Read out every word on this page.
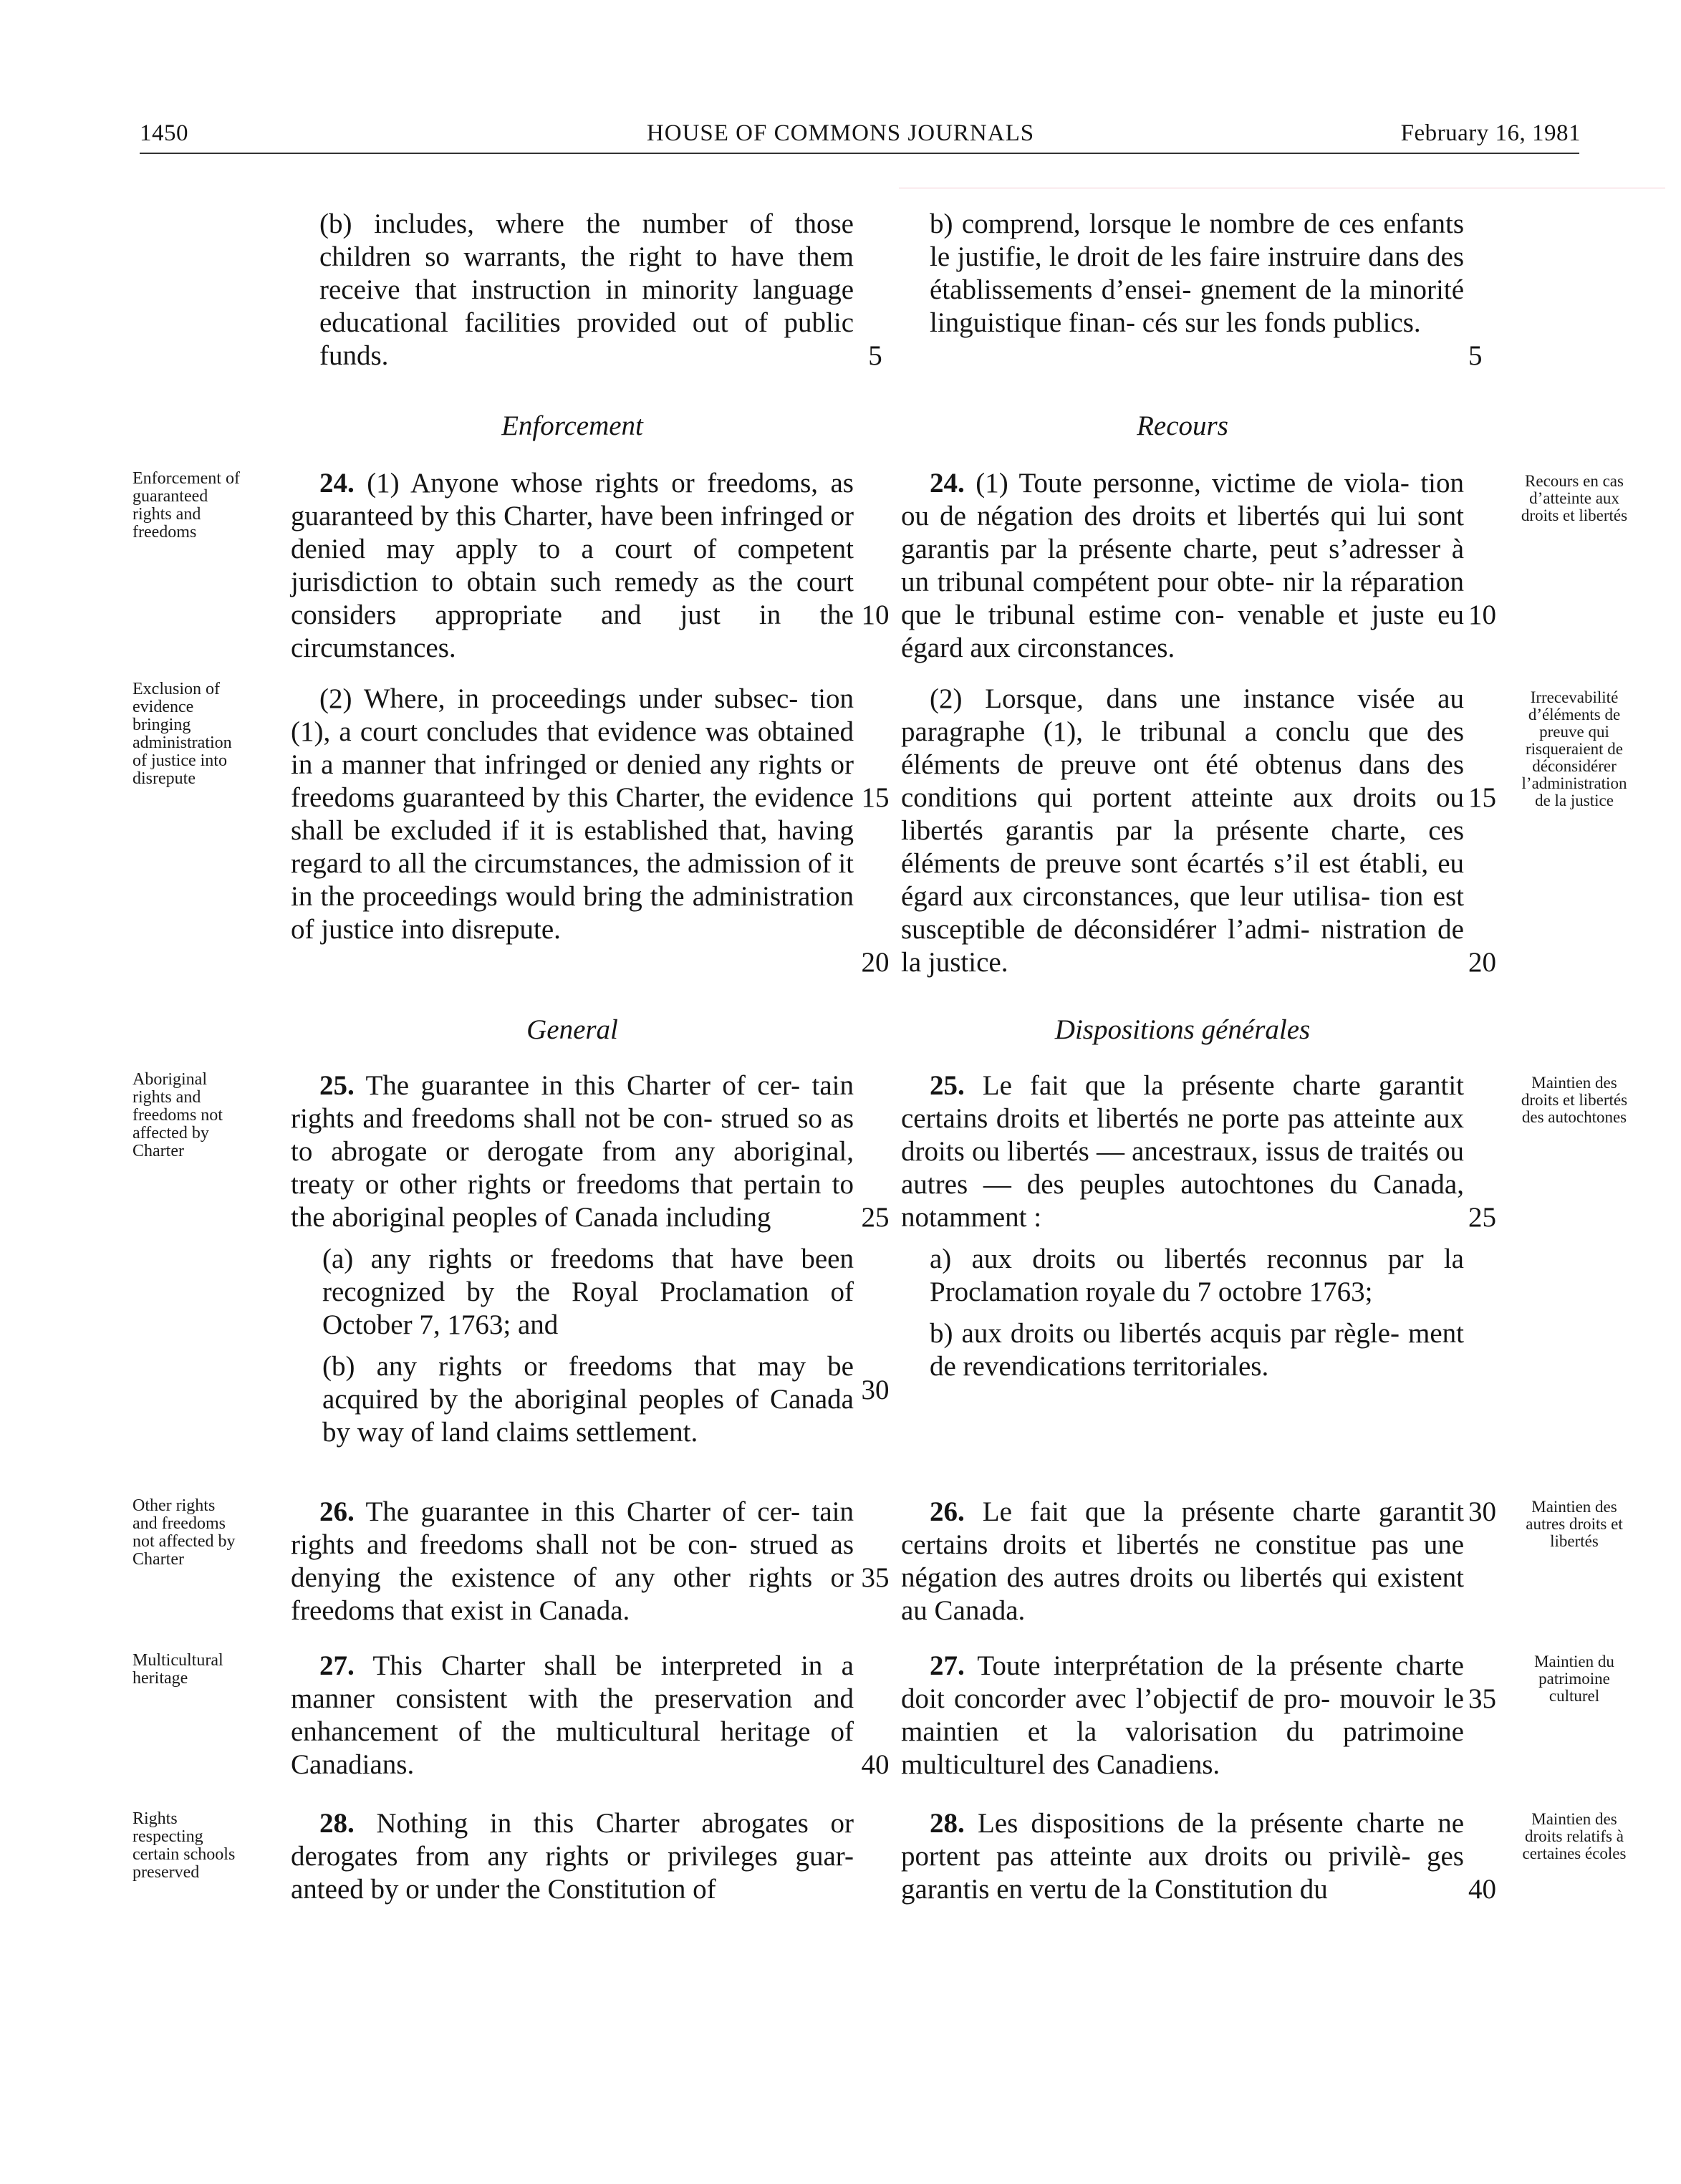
1450	HOUSE OF COMMONS JOURNALS	February 16, 1981

(b) includes, where the number of those children so warrants, the right to have them receive that instruction in minority language educational facilities provided out of public funds.

b) comprend, lorsque le nombre de ces enfants le justifie, le droit de les faire instruire dans des établissements d’ensei- gnement de la minorité linguistique finan- cés sur les fonds publics.

5	5
Enforcement	Recours
Enforcement of
guaranteed
rights and
freedoms

24. (1) Anyone whose rights or freedoms, as guaranteed by this Charter, have been infringed or denied may apply to a court of competent jurisdiction to obtain such remedy as the court considers appropriate and just in the circumstances.

24. (1) Toute personne, victime de viola- tion ou de négation des droits et libertés qui lui sont garantis par la présente charte, peut s’adresser à un tribunal compétent pour obte- nir la réparation que le tribunal estime con- venable et juste eu égard aux circonstances.

Recours en cas
d’atteinte aux
droits et libertés
10	10
Exclusion of
evidence
bringing
administration
of justice into
disrepute

(2) Where, in proceedings under subsec- tion (1), a court concludes that evidence was obtained in a manner that infringed or denied any rights or freedoms guaranteed by this Charter, the evidence shall be excluded if it is established that, having regard to all the circumstances, the admission of it in the proceedings would bring the administration of justice into disrepute.

(2) Lorsque, dans une instance visée au paragraphe (1), le tribunal a conclu que des éléments de preuve ont été obtenus dans des conditions qui portent atteinte aux droits ou libertés garantis par la présente charte, ces éléments de preuve sont écartés s’il est établi, eu égard aux circonstances, que leur utilisa- tion est susceptible de déconsidérer l’admi- nistration de la justice.

Irrecevabilité
d’éléments de
preuve qui
risqueraient de
déconsidérer
l’administration
de la justice
15	15
20	20
General	Dispositions générales
Aboriginal
rights and
freedoms not
affected by
Charter

25. The guarantee in this Charter of cer- tain rights and freedoms shall not be con- strued so as to abrogate or derogate from any aboriginal, treaty or other rights or freedoms that pertain to the aboriginal peoples of Canada including

(a) any rights or freedoms that have been recognized by the Royal Proclamation of October 7, 1763; and

(b) any rights or freedoms that may be acquired by the aboriginal peoples of Canada by way of land claims settlement.

25. Le fait que la présente charte garantit certains droits et libertés ne porte pas atteinte aux droits ou libertés — ancestraux, issus de traités ou autres — des peuples autochtones du Canada, notamment :

a) aux droits ou libertés reconnus par la Proclamation royale du 7 octobre 1763;

b) aux droits ou libertés acquis par règle- ment de revendications territoriales.

Maintien des
droits et libertés
des autochtones
25	25
30
Other rights
and freedoms
not affected by
Charter

26. The guarantee in this Charter of cer- tain rights and freedoms shall not be con- strued as denying the existence of any other rights or freedoms that exist in Canada.

26. Le fait que la présente charte garantit certains droits et libertés ne constitue pas une négation des autres droits ou libertés qui existent au Canada.

30	Maintien des
autres droits et
libertés
35
Multicultural
heritage	27. This Charter shall be interpreted in a manner consistent with the preservation and enhancement of the multicultural heritage of Canadians.

27. Toute interprétation de la présente charte doit concorder avec l’objectif de pro- mouvoir le maintien et la valorisation du patrimoine multiculturel des Canadiens.

35
Maintien du
patrimoine
culturel
40
Rights
respecting
certain schools
preserved

28. Nothing in this Charter abrogates or derogates from any rights or privileges guar- anteed by or under the Constitution of

28. Les dispositions de la présente charte ne portent pas atteinte aux droits ou privilè- ges garantis en vertu de la Constitution du	40
Maintien des
droits relatifs à
certaines écoles
